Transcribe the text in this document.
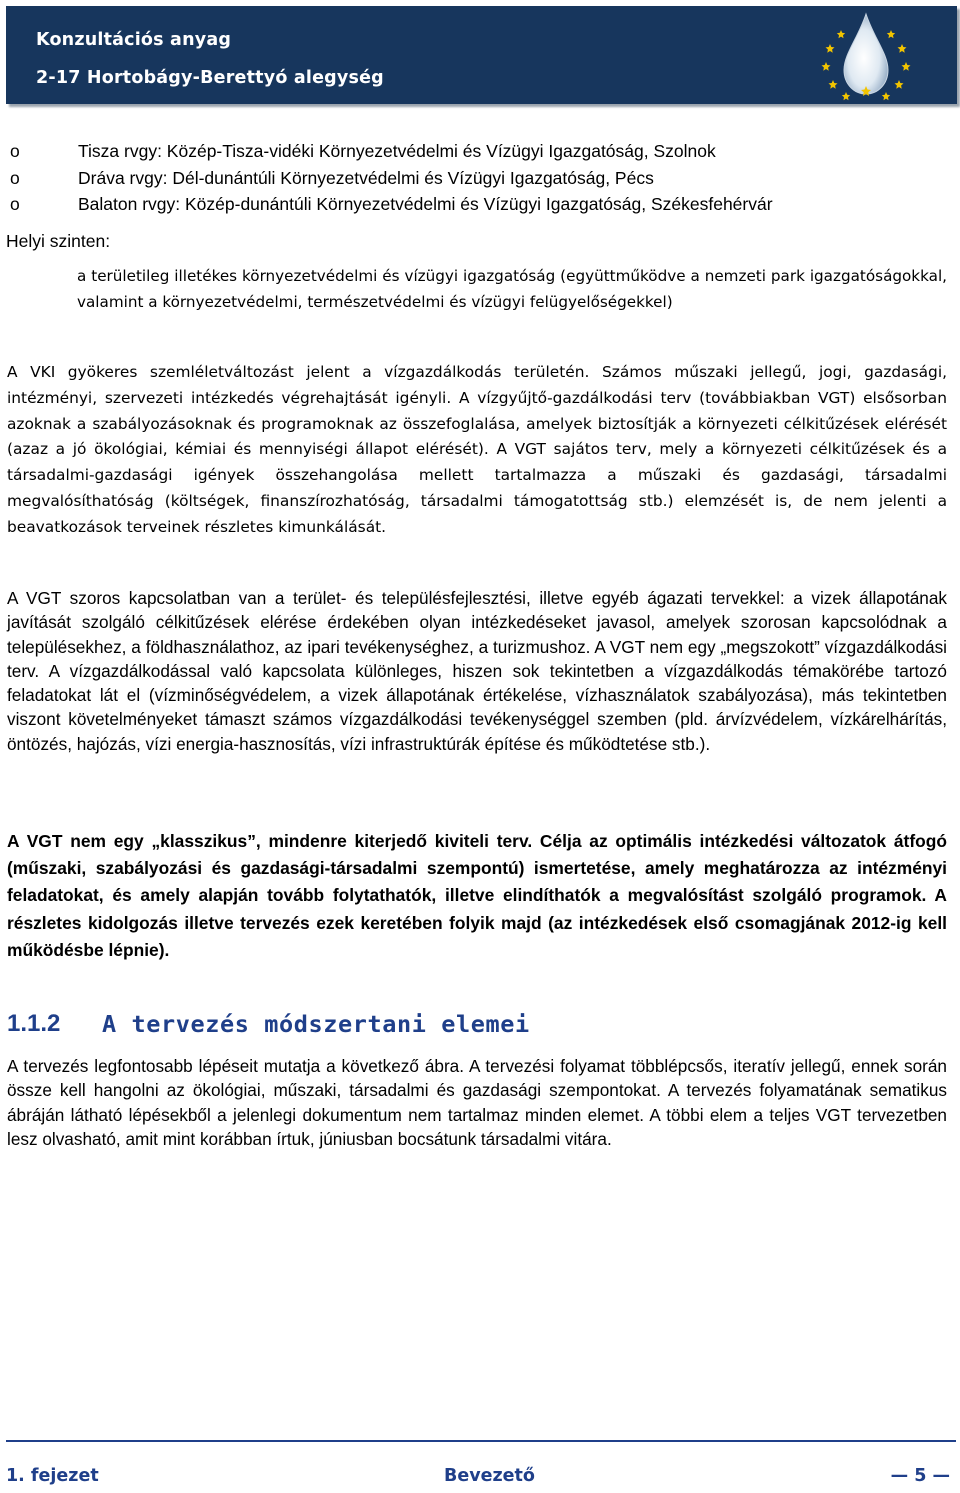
Konzultációs anyag
2-17 Hortobágy-Berettyó alegység
o	Tisza rvgy: Közép-Tisza-vidéki Környezetvédelmi és Vízügyi Igazgatóság, Szolnok
o	Dráva rvgy: Dél-dunántúli Környezetvédelmi és Vízügyi Igazgatóság, Pécs
o	Balaton rvgy: Közép-dunántúli Környezetvédelmi és Vízügyi Igazgatóság, Székesfehérvár
Helyi szinten:
a területileg illetékes környezetvédelmi és vízügyi igazgatóság (együttműködve a nemzeti park igazgatóságokkal, valamint a környezetvédelmi, természetvédelmi és vízügyi felügyelőségekkel)
A VKI gyökeres szemléletváltozást jelent a vízgazdálkodás területén. Számos műszaki jellegű, jogi, gazdasági, intézményi, szervezeti intézkedés végrehajtását igényli. A vízgyűjtő-gazdálkodási terv (továbbiakban VGT) elsősorban azoknak a szabályozásoknak és programoknak az összefoglalása, amelyek biztosítják a környezeti célkitűzések elérését (azaz a jó ökológiai, kémiai és mennyiségi állapot elérését). A VGT sajátos terv, mely a környezeti célkitűzések és a társadalmi-gazdasági igények összehangolása mellett tartalmazza a műszaki és gazdasági, társadalmi megvalósíthatóság (költségek, finanszírozhatóság, társadalmi támogatottság stb.) elemzését is, de nem jelenti a beavatkozások terveinek részletes kimunkálását.
A VGT szoros kapcsolatban van a terület- és településfejlesztési, illetve egyéb ágazati tervekkel: a vizek állapotának javítását szolgáló célkitűzések elérése érdekében olyan intézkedéseket javasol, amelyek szorosan kapcsolódnak a településekhez, a földhasználathoz, az ipari tevékenységhez, a turizmushoz. A VGT nem egy „megszokott” vízgazdálkodási terv. A vízgazdálkodással való kapcsolata különleges, hiszen sok tekintetben a vízgazdálkodás témakörébe tartozó feladatokat lát el (vízminőségvédelem, a vizek állapotának értékelése, vízhasználatok szabályozása), más tekintetben viszont követelményeket támaszt számos vízgazdálkodási tevékenységgel szemben (pld. árvízvédelem, vízkárelhárítás, öntözés, hajózás, vízi energia-hasznosítás, vízi infrastruktúrák építése és működtetése stb.).
A VGT nem egy „klasszikus”, mindenre kiterjedő kiviteli terv. Célja az optimális intézkedési változatok átfogó (műszaki, szabályozási és gazdasági-társadalmi szempontú) ismertetése, amely meghatározza az intézményi feladatokat, és amely alapján tovább folytathatók, illetve elindíthatók a megvalósítást szolgáló programok. A részletes kidolgozás illetve tervezés ezek keretében folyik majd (az intézkedések első csomagjának 2012-ig kell működésbe lépnie).
1.1.2 A tervezés módszertani elemei
A tervezés legfontosabb lépéseit mutatja a következő ábra. A tervezési folyamat többlépcsős, iteratív jellegű, ennek során össze kell hangolni az ökológiai, műszaki, társadalmi és gazdasági szempontokat. A tervezés folyamatának sematikus ábráján látható lépésekből a jelenlegi dokumentum nem tartalmaz minden elemet. A többi elem a teljes VGT tervezetben lesz olvasható, amit mint korábban írtuk, júniusban bocsátunk társadalmi vitára.
1. fejezet	Bevezető	— 5 —
